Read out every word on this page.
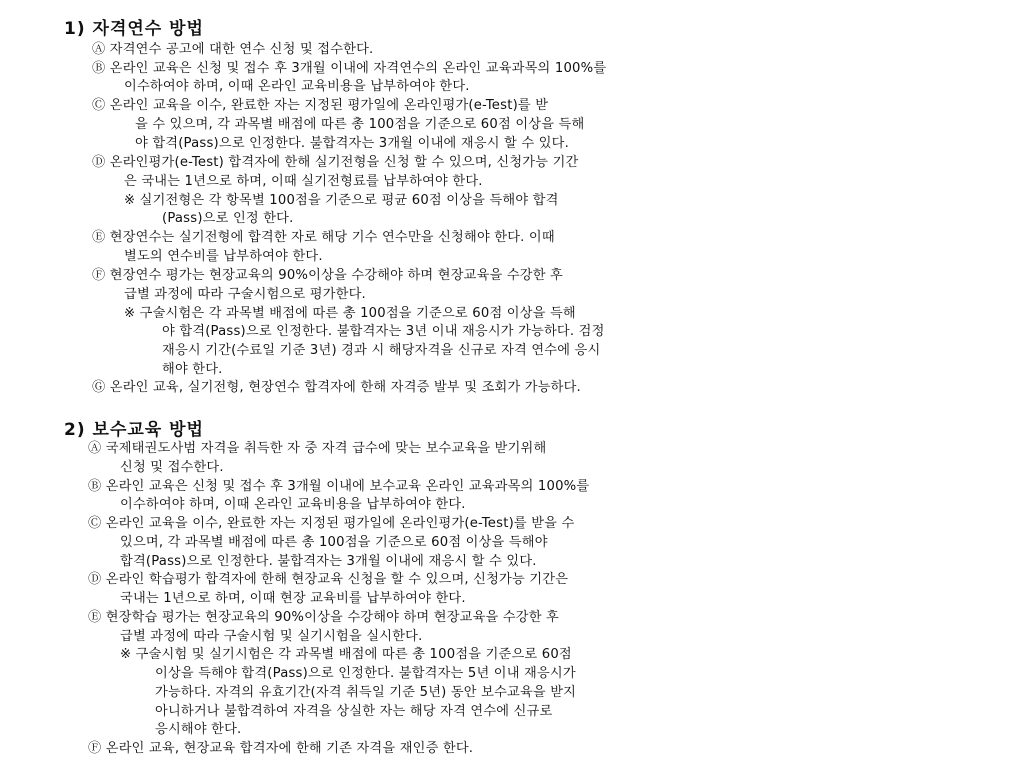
1) 자격연수 방법

Ⓐ 자격연수 공고에 대한 연수 신청 및 접수한다.

Ⓑ 온라인 교육은 신청 및 접수 후 3개월 이내에 자격연수의 온라인 교육과목의 100%를

이수하여야 하며, 이때 온라인 교육비용을 납부하여야 한다.

Ⓒ 온라인 교육을 이수, 완료한 자는 지정된 평가일에 온라인평가(e-Test)를 받

을 수 있으며, 각 과목별 배점에 따른 총 100점을 기준으로 60점 이상을 득해

야 합격(Pass)으로 인정한다. 불합격자는 3개월 이내에 재응시 할 수 있다.

Ⓓ 온라인평가(e-Test) 합격자에 한해 실기전형을 신청 할 수 있으며, 신청가능 기간

은 국내는 1년으로 하며, 이때 실기전형료를 납부하여야 한다.

※ 실기전형은 각 항목별 100점을 기준으로 평균 60점 이상을 득해야 합격

(Pass)으로 인정 한다.

Ⓔ 현장연수는 실기전형에 합격한 자로 해당 기수 연수만을 신청해야 한다. 이때

별도의 연수비를 납부하여야 한다.

Ⓕ 현장연수 평가는 현장교육의 90%이상을 수강해야 하며 현장교육을 수강한 후

급별 과정에 따라 구술시험으로 평가한다.

※ 구술시험은 각 과목별 배점에 따른 총 100점을 기준으로 60점 이상을 득해

야 합격(Pass)으로 인정한다. 불합격자는 3년 이내 재응시가 가능하다. 검정

재응시 기간(수료일 기준 3년) 경과 시 해당자격을 신규로 자격 연수에 응시

해야 한다.

Ⓖ 온라인 교육, 실기전형, 현장연수 합격자에 한해 자격증 발부 및 조회가 가능하다.

2) 보수교육 방법

Ⓐ 국제태권도사범 자격을 취득한 자 중 자격 급수에 맞는 보수교육을 받기위해

신청 및 접수한다.

Ⓑ 온라인 교육은 신청 및 접수 후 3개월 이내에 보수교육 온라인 교육과목의 100%를

이수하여야 하며, 이때 온라인 교육비용을 납부하여야 한다.

Ⓒ 온라인 교육을 이수, 완료한 자는 지정된 평가일에 온라인평가(e-Test)를 받을 수

있으며, 각 과목별 배점에 따른 총 100점을 기준으로 60점 이상을 득해야

합격(Pass)으로 인정한다. 불합격자는 3개월 이내에 재응시 할 수 있다.

Ⓓ 온라인 학습평가 합격자에 한해 현장교육 신청을 할 수 있으며, 신청가능 기간은

국내는 1년으로 하며, 이때 현장 교육비를 납부하여야 한다.

Ⓔ 현장학습 평가는 현장교육의 90%이상을 수강해야 하며 현장교육을 수강한 후

급별 과정에 따라 구술시험 및 실기시험을 실시한다.

※ 구술시험 및 실기시험은 각 과목별 배점에 따른 총 100점을 기준으로 60점

이상을 득해야 합격(Pass)으로 인정한다. 불합격자는 5년 이내 재응시가

가능하다. 자격의 유효기간(자격 취득일 기준 5년) 동안 보수교육을 받지

아니하거나 불합격하여 자격을 상실한 자는 해당 자격 연수에 신규로

응시해야 한다.

Ⓕ 온라인 교육, 현장교육 합격자에 한해 기존 자격을 재인증 한다.
